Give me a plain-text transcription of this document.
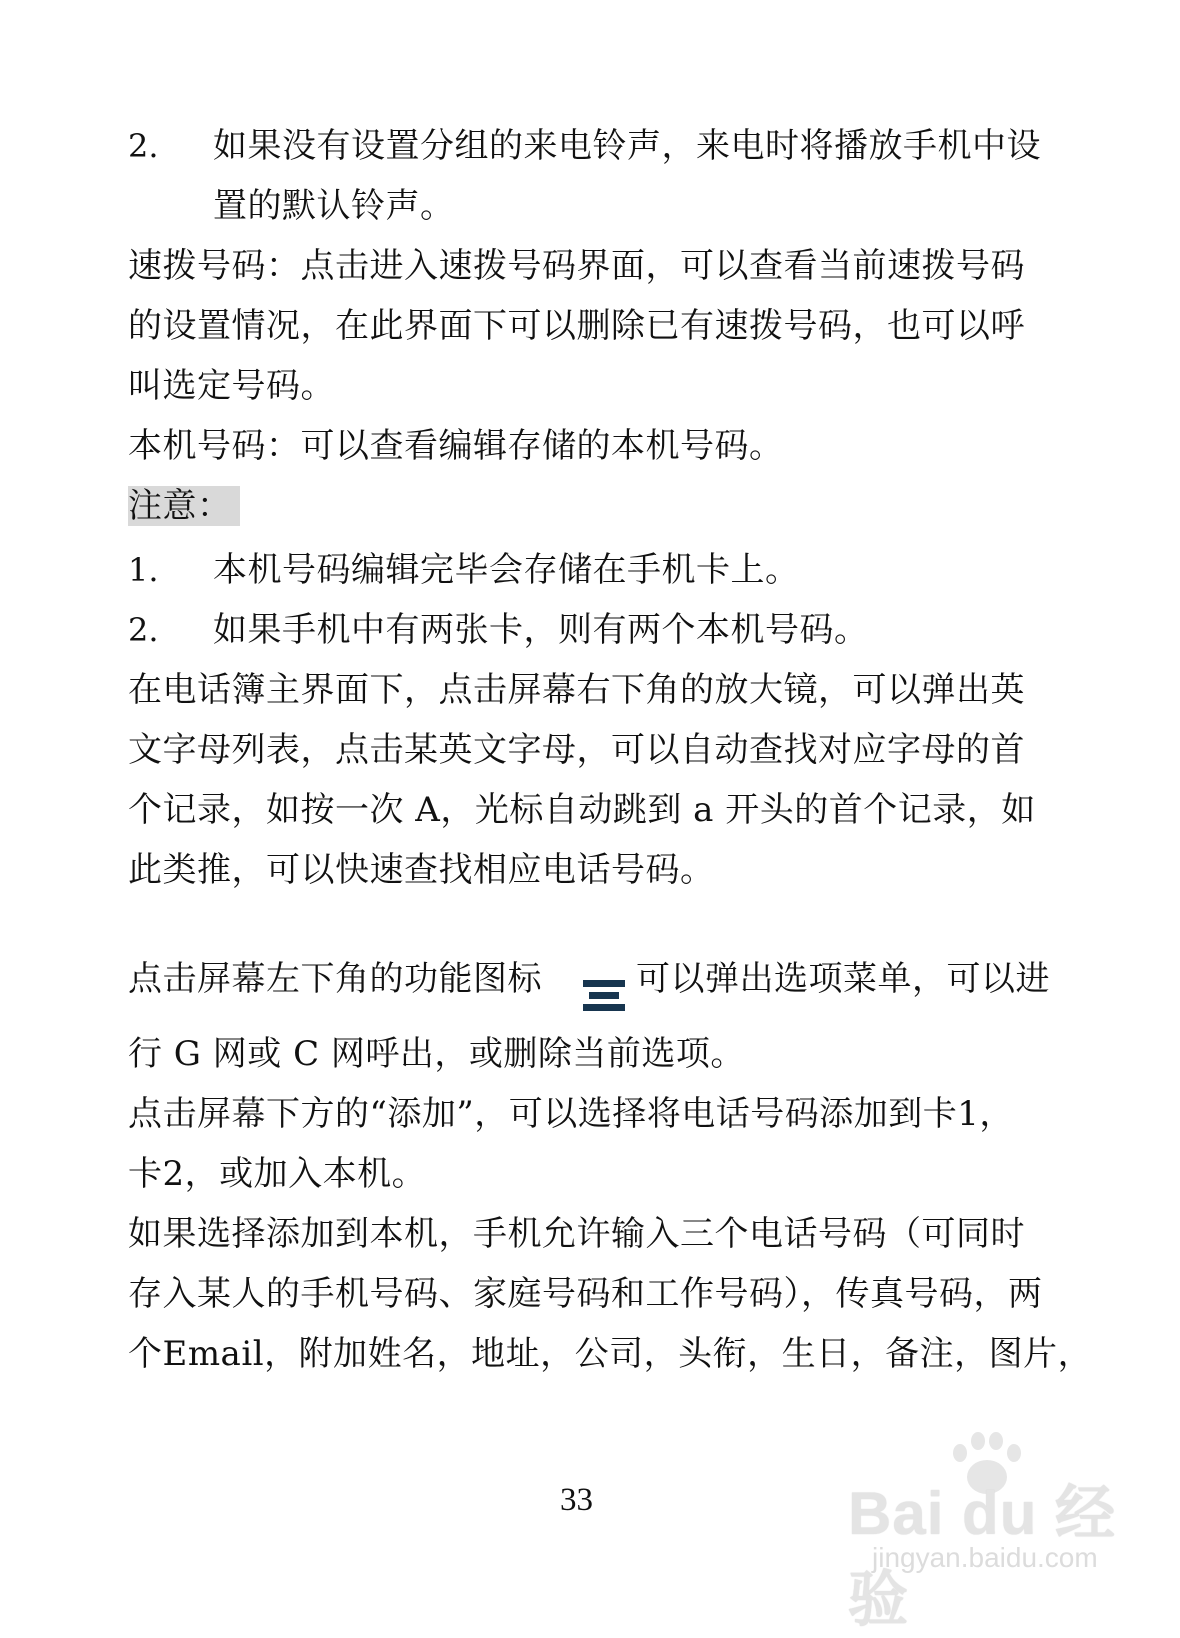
2. 如果没有设置分组的来电铃声，来电时将播放手机中设
置的默认铃声。
速拨号码：点击进入速拨号码界面，可以查看当前速拨号码
的设置情况，在此界面下可以删除已有速拨号码，也可以呼
叫选定号码。
本机号码：可以查看编辑存储的本机号码。
注意：
1. 本机号码编辑完毕会存储在手机卡上。
2. 如果手机中有两张卡，则有两个本机号码。
在电话簿主界面下，点击屏幕右下角的放大镜，可以弹出英
文字母列表，点击某英文字母，可以自动查找对应字母的首
个记录，如按一次 A，光标自动跳到 a 开头的首个记录，如
此类推，可以快速查找相应电话号码。
点击屏幕左下角的功能图标	可以弹出选项菜单，可以进
行 G 网或 C 网呼出，或删除当前选项。
点击屏幕下方的“添加”，可以选择将电话号码添加到卡1，
卡2，或加入本机。
如果选择添加到本机，手机允许输入三个电话号码（可同时
存入某人的手机号码、家庭号码和工作号码），传真号码，两
个Email，附加姓名，地址，公司，头衔，生日，备注，图片，
33	Bai du 经验
jingyan.baidu.com
